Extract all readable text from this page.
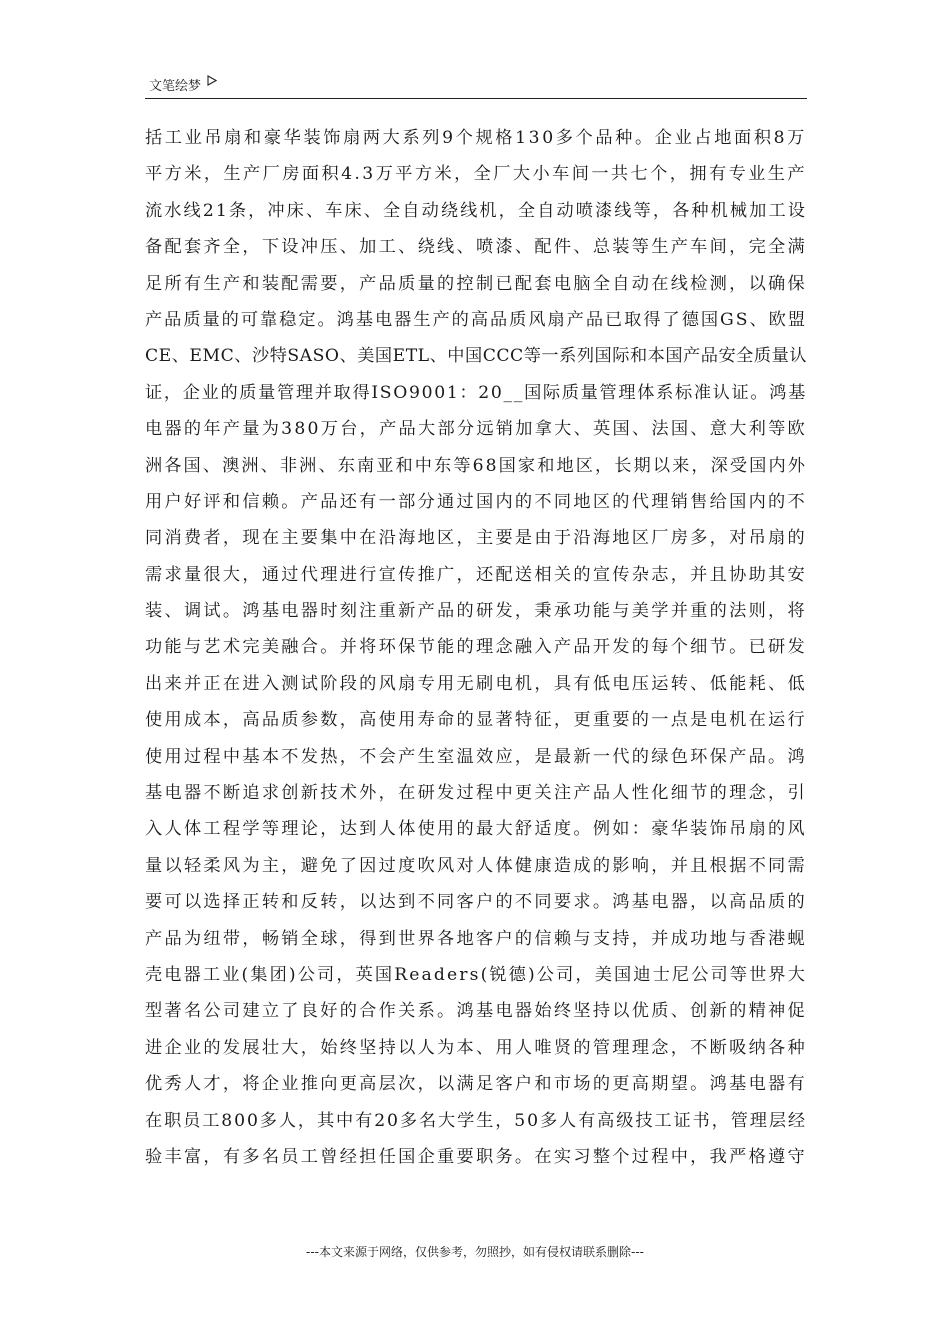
文笔绘梦
括工业吊扇和豪华装饰扇两大系列9个规格130多个品种。企业占地面积8万
平方米，生产厂房面积4.3万平方米，全厂大小车间一共七个，拥有专业生产
流水线21条，冲床、车床、全自动绕线机，全自动喷漆线等，各种机械加工设
备配套齐全，下设冲压、加工、绕线、喷漆、配件、总装等生产车间，完全满
足所有生产和装配需要，产品质量的控制已配套电脑全自动在线检测，以确保
产品质量的可靠稳定。鸿基电器生产的高品质风扇产品已取得了德国GS、欧盟
CE、EMC、沙特SASO、美国ETL、中国CCC等一系列国际和本国产品安全质量认
证，企业的质量管理并取得ISO9001：20__国际质量管理体系标准认证。鸿基
电器的年产量为380万台，产品大部分远销加拿大、英国、法国、意大利等欧
洲各国、澳洲、非洲、东南亚和中东等68国家和地区，长期以来，深受国内外
用户好评和信赖。产品还有一部分通过国内的不同地区的代理销售给国内的不
同消费者，现在主要集中在沿海地区，主要是由于沿海地区厂房多，对吊扇的
需求量很大，通过代理进行宣传推广，还配送相关的宣传杂志，并且协助其安
装、调试。鸿基电器时刻注重新产品的研发，秉承功能与美学并重的法则，将
功能与艺术完美融合。并将环保节能的理念融入产品开发的每个细节。已研发
出来并正在进入测试阶段的风扇专用无刷电机，具有低电压运转、低能耗、低
使用成本，高品质参数，高使用寿命的显著特征，更重要的一点是电机在运行
使用过程中基本不发热，不会产生室温效应，是最新一代的绿色环保产品。鸿
基电器不断追求创新技术外，在研发过程中更关注产品人性化细节的理念，引
入人体工程学等理论，达到人体使用的最大舒适度。例如：豪华装饰吊扇的风
量以轻柔风为主，避免了因过度吹风对人体健康造成的影响，并且根据不同需
要可以选择正转和反转，以达到不同客户的不同要求。鸿基电器，以高品质的
产品为纽带，畅销全球，得到世界各地客户的信赖与支持，并成功地与香港蚬
壳电器工业(集团)公司，英国Readers(锐德)公司，美国迪士尼公司等世界大
型著名公司建立了良好的合作关系。鸿基电器始终坚持以优质、创新的精神促
进企业的发展壮大，始终坚持以人为本、用人唯贤的管理理念，不断吸纳各种
优秀人才，将企业推向更高层次，以满足客户和市场的更高期望。鸿基电器有
在职员工800多人，其中有20多名大学生，50多人有高级技工证书，管理层经
验丰富，有多名员工曾经担任国企重要职务。在实习整个过程中，我严格遵守
---本文来源于网络，仅供参考，勿照抄，如有侵权请联系删除---
